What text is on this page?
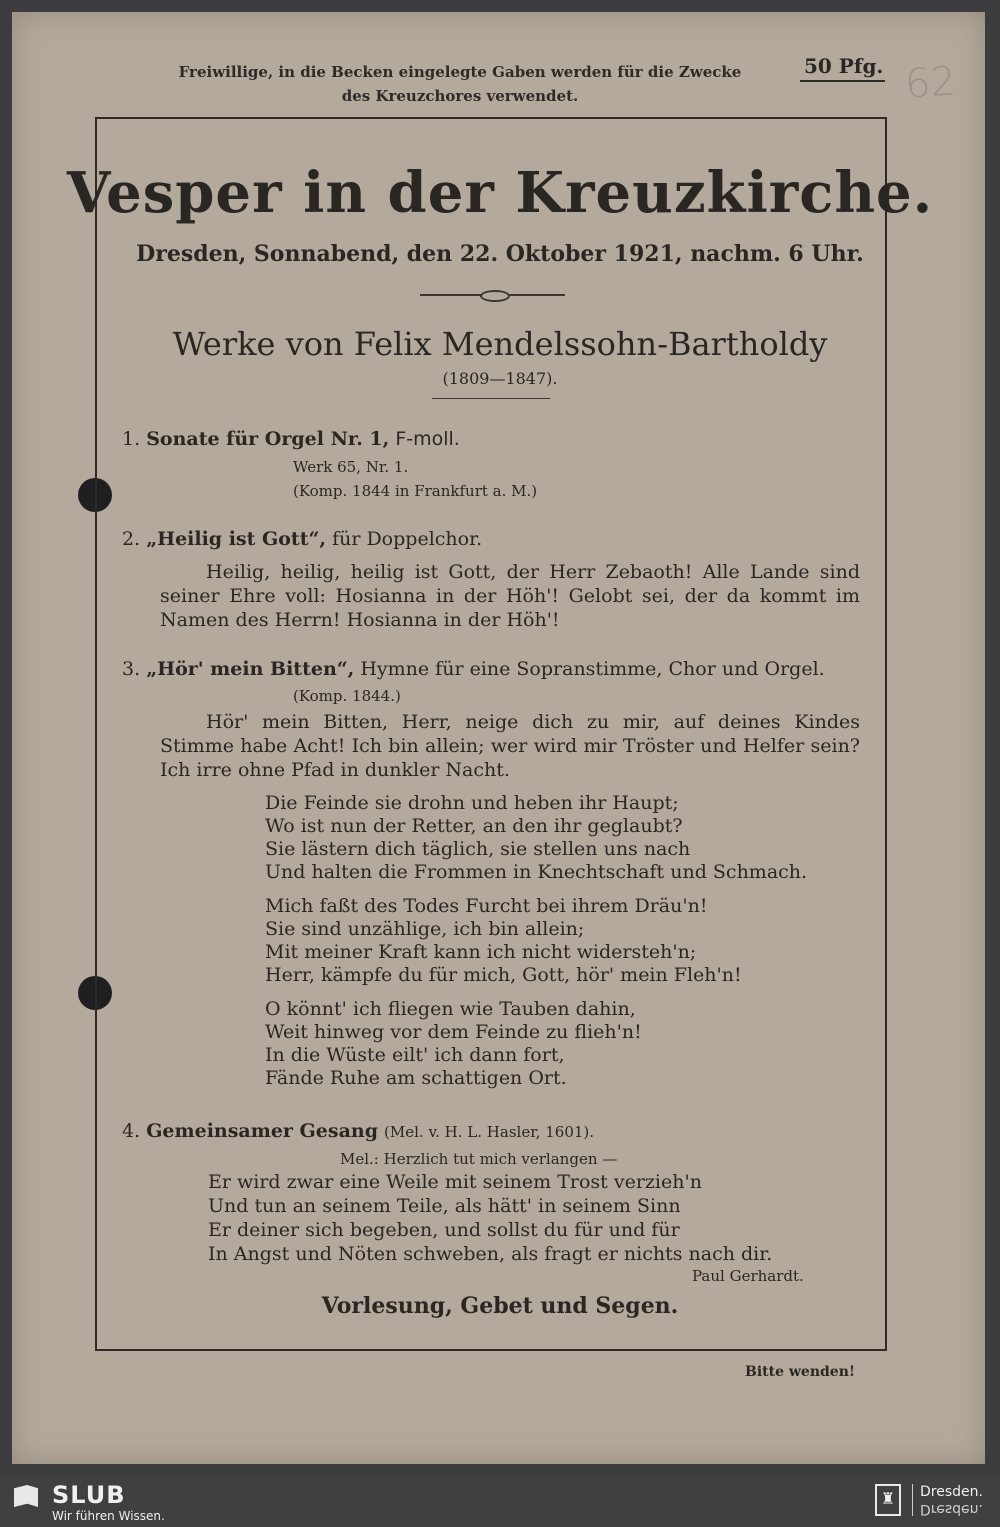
Freiwillige, in die Becken eingelegte Gaben werden für die Zwecke
des Kreuzchores verwendet.
50 Pfg. 62
Vesper in der Kreuzkirche.
Dresden, Sonnabend, den 22. Oktober 1921, nachm. 6 Uhr.
Werke von Felix Mendelssohn-Bartholdy
(1809—1847).
1. Sonate für Orgel Nr. 1, F-moll.
Werk 65, Nr. 1.
(Komp. 1844 in Frankfurt a. M.)
2. „Heilig ist Gott“, für Doppelchor.
Heilig, heilig, heilig ist Gott, der Herr Zebaoth! Alle Lande sind seiner Ehre voll: Hosianna in der Höh'! Gelobt sei, der da kommt im Namen des Herrn! Hosianna in der Höh'!
3. „Hör' mein Bitten“, Hymne für eine Sopranstimme, Chor und Orgel.
(Komp. 1844.)
Hör' mein Bitten, Herr, neige dich zu mir, auf deines Kindes Stimme habe Acht! Ich bin allein; wer wird mir Tröster und Helfer sein? Ich irre ohne Pfad in dunkler Nacht.
Die Feinde sie drohn und heben ihr Haupt;
Wo ist nun der Retter, an den ihr geglaubt?
Sie lästern dich täglich, sie stellen uns nach
Und halten die Frommen in Knechtschaft und Schmach.
Mich faßt des Todes Furcht bei ihrem Dräu'n!
Sie sind unzählige, ich bin allein;
Mit meiner Kraft kann ich nicht widersteh'n;
Herr, kämpfe du für mich, Gott, hör' mein Fleh'n!
O könnt' ich fliegen wie Tauben dahin,
Weit hinweg vor dem Feinde zu flieh'n!
In die Wüste eilt' ich dann fort,
Fände Ruhe am schattigen Ort.
4. Gemeinsamer Gesang (Mel. v. H. L. Hasler, 1601).
Mel.: Herzlich tut mich verlangen —
Er wird zwar eine Weile mit seinem Trost verzieh'n
Und tun an seinem Teile, als hätt' in seinem Sinn
Er deiner sich begeben, und sollst du für und für
In Angst und Nöten schweben, als fragt er nichts nach dir.
Paul Gerhardt.
Vorlesung, Gebet und Segen.
Bitte wenden!
SLUB
Wir führen Wissen.
♜	Dresden.
Dresden.
